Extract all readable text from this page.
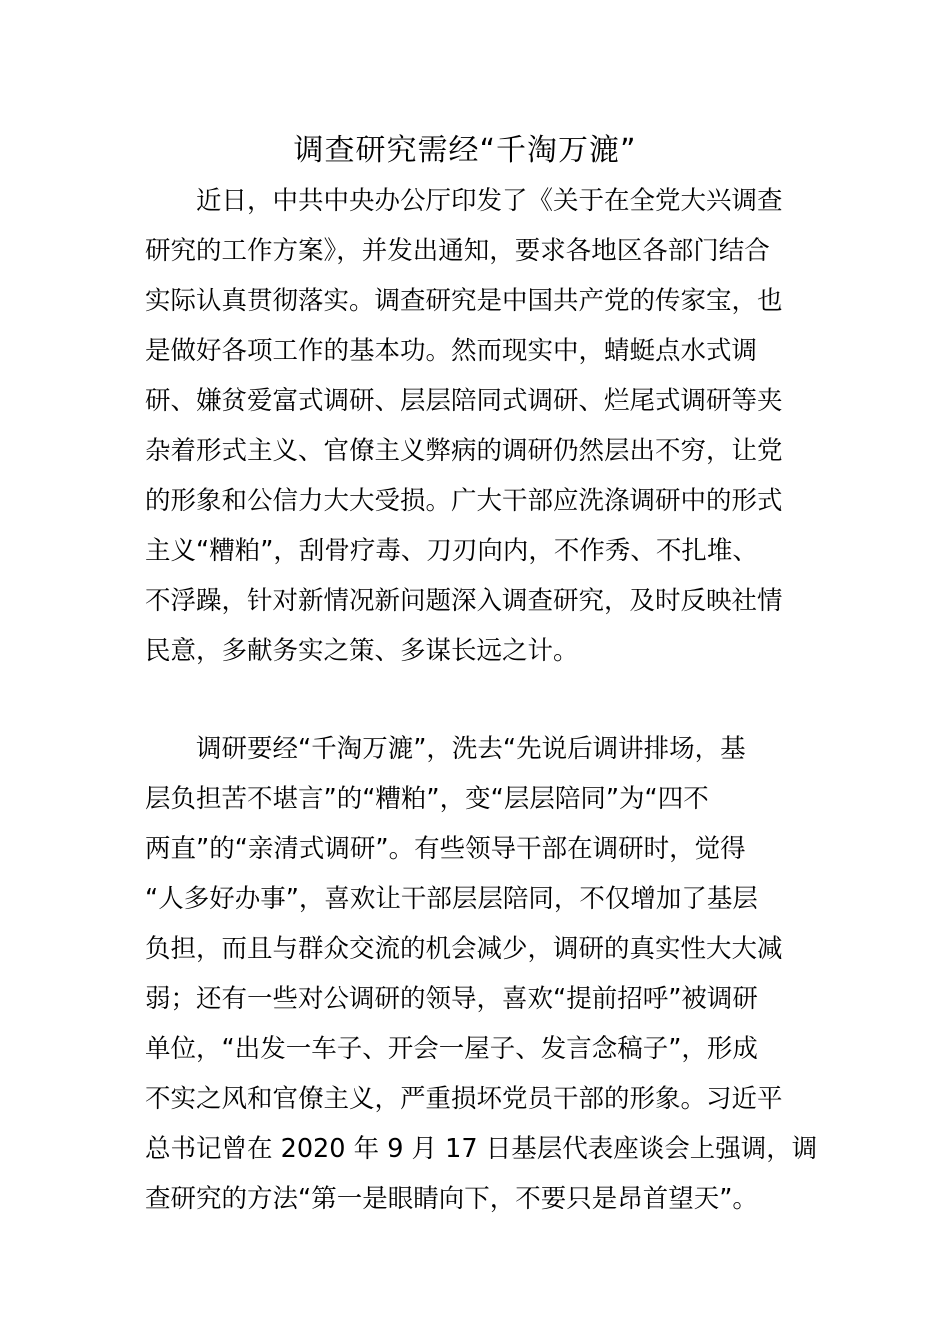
调查研究需经“千淘万漉”

　　近日，中共中央办公厅印发了《关于在全党大兴调查

研究的工作方案》，并发出通知，要求各地区各部门结合

实际认真贯彻落实。调查研究是中国共产党的传家宝，也

是做好各项工作的基本功。然而现实中，蜻蜓点水式调

研、嫌贫爱富式调研、层层陪同式调研、烂尾式调研等夹

杂着形式主义、官僚主义弊病的调研仍然层出不穷，让党

的形象和公信力大大受损。广大干部应洗涤调研中的形式

主义“糟粕”，刮骨疗毒、刀刃向内，不作秀、不扎堆、

不浮躁，针对新情况新问题深入调查研究，及时反映社情

民意，多献务实之策、多谋长远之计。

　　调研要经“千淘万漉”，洗去“先说后调讲排场，基

层负担苦不堪言”的“糟粕”，变“层层陪同”为“四不

两直”的“亲清式调研”。有些领导干部在调研时，觉得

“人多好办事”，喜欢让干部层层陪同，不仅增加了基层

负担，而且与群众交流的机会减少，调研的真实性大大减

弱；还有一些对公调研的领导，喜欢“提前招呼”被调研

单位，“出发一车子、开会一屋子、发言念稿子”，形成

不实之风和官僚主义，严重损坏党员干部的形象。习近平

总书记曾在 2020 年 9 月 17 日基层代表座谈会上强调，调

查研究的方法“第一是眼睛向下，不要只是昂首望天”。
